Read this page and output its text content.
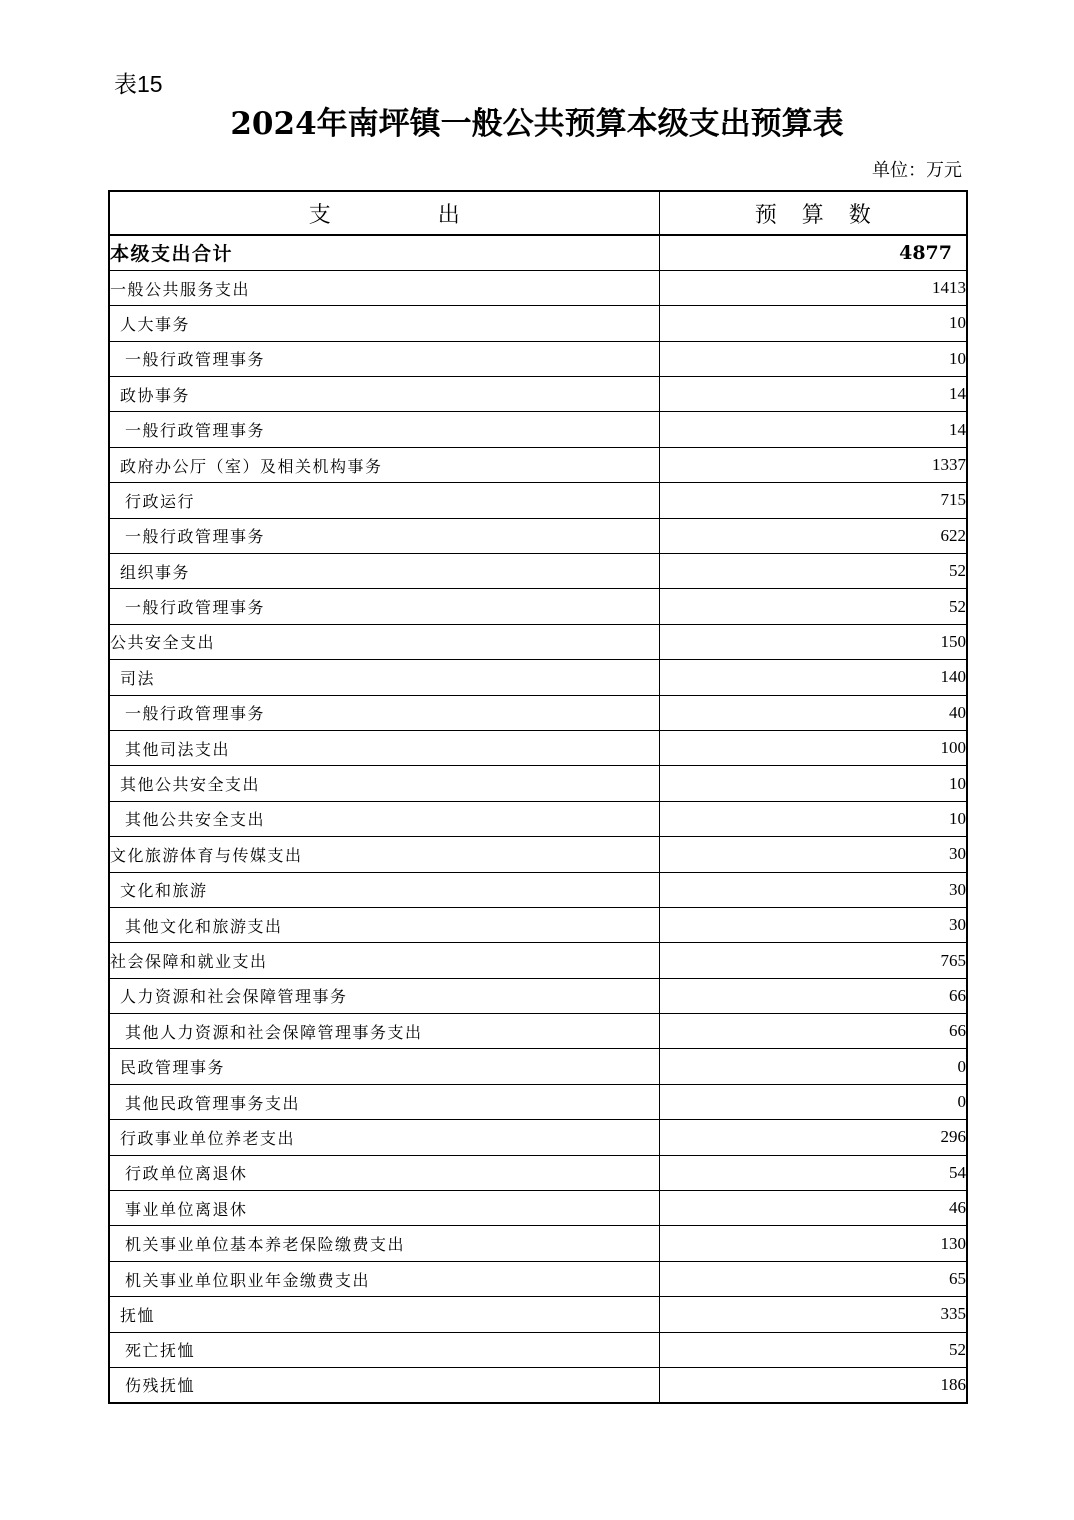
表15
2024年南坪镇一般公共预算本级支出预算表
单位：万元
支 出	预 算 数
本级支出合计	4877
一般公共服务支出	1413
人大事务	10
一般行政管理事务	10
政协事务	14
一般行政管理事务	14
政府办公厅（室）及相关机构事务	1337
行政运行	715
一般行政管理事务	622
组织事务	52
一般行政管理事务	52
公共安全支出	150
司法	140
一般行政管理事务	40
其他司法支出	100
其他公共安全支出	10
其他公共安全支出	10
文化旅游体育与传媒支出	30
文化和旅游	30
其他文化和旅游支出	30
社会保障和就业支出	765
人力资源和社会保障管理事务	66
其他人力资源和社会保障管理事务支出	66
民政管理事务	0
其他民政管理事务支出	0
行政事业单位养老支出	296
行政单位离退休	54
事业单位离退休	46
机关事业单位基本养老保险缴费支出	130
机关事业单位职业年金缴费支出	65
抚恤	335
死亡抚恤	52
伤残抚恤	186
